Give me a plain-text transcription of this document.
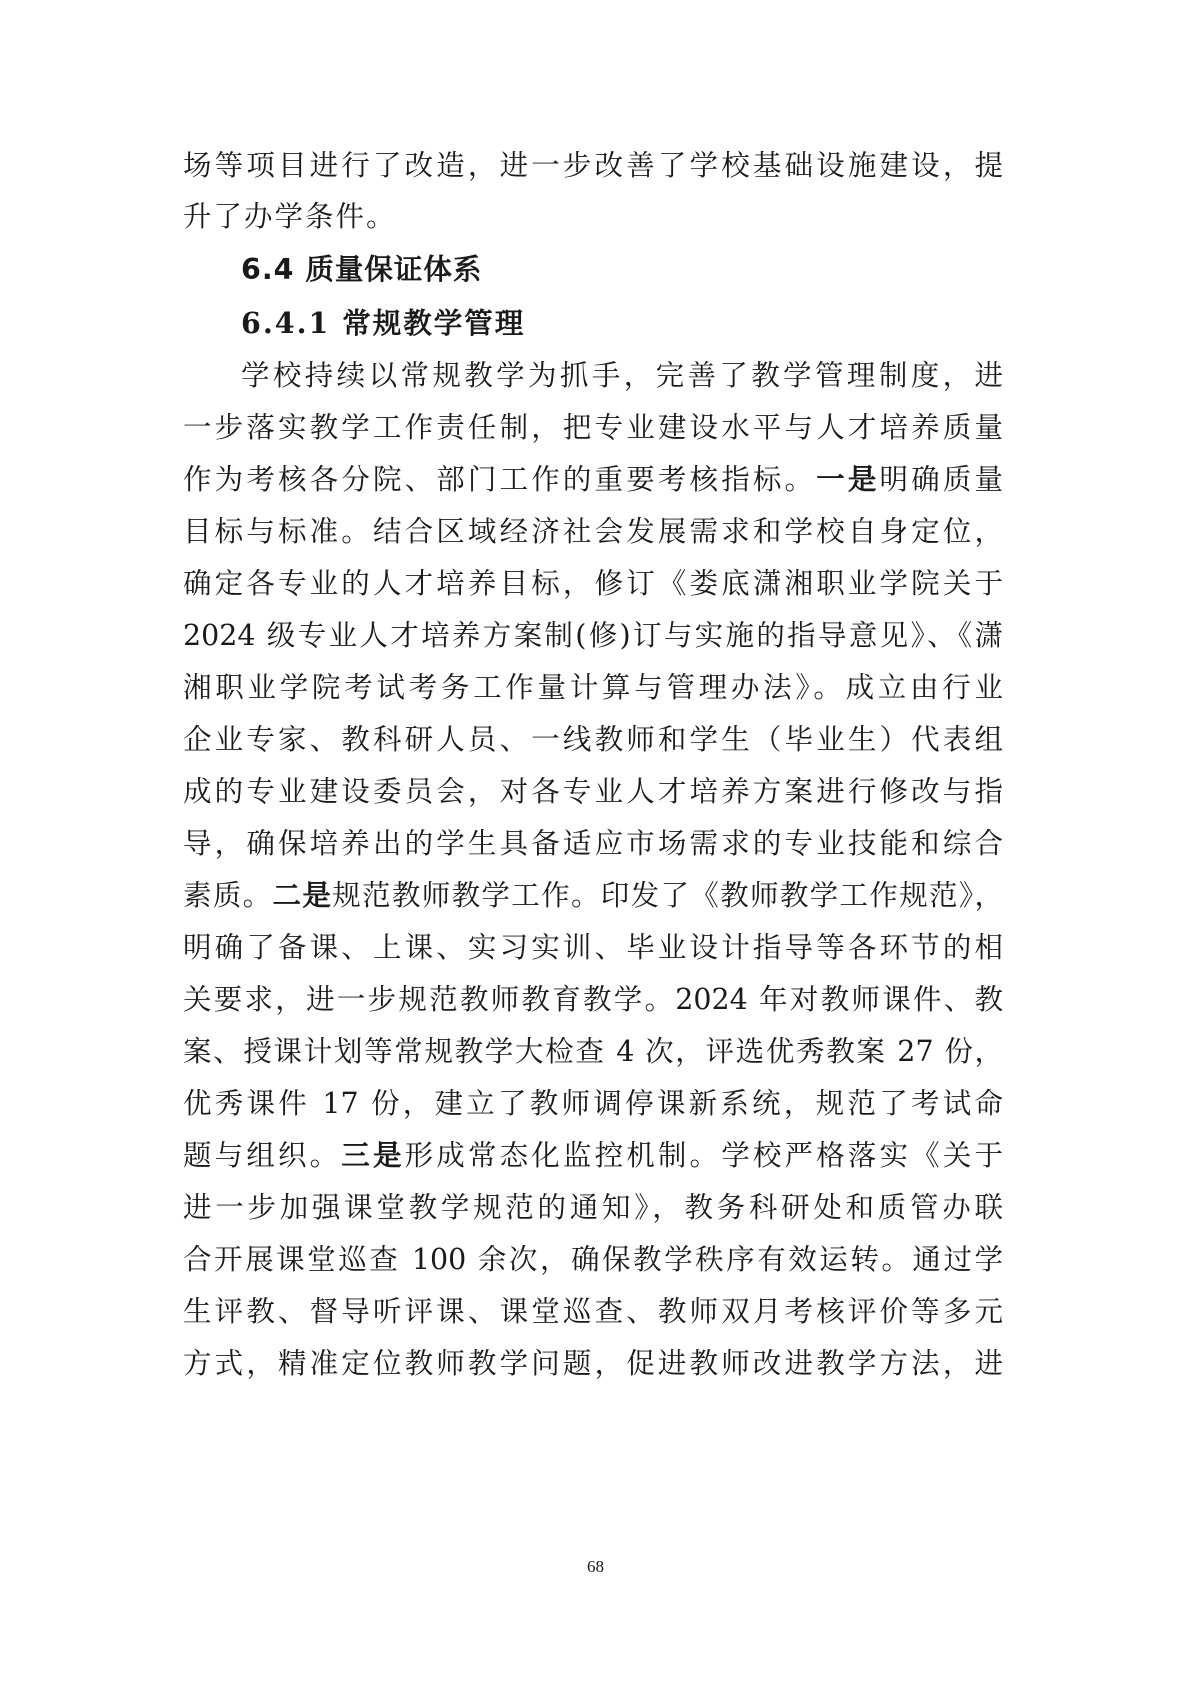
场等项目进行了改造，进一步改善了学校基础设施建设，提
升了办学条件。
6.4 质量保证体系
6.4.1 常规教学管理
学校持续以常规教学为抓手，完善了教学管理制度，进
一步落实教学工作责任制，把专业建设水平与人才培养质量
作为考核各分院、部门工作的重要考核指标。一是明确质量
目标与标准。结合区域经济社会发展需求和学校自身定位，
确定各专业的人才培养目标，修订《娄底潇湘职业学院关于
2024 级专业人才培养方案制(修)订与实施的指导意见》、《潇
湘职业学院考试考务工作量计算与管理办法》。成立由行业
企业专家、教科研人员、一线教师和学生（毕业生）代表组
成的专业建设委员会，对各专业人才培养方案进行修改与指
导，确保培养出的学生具备适应市场需求的专业技能和综合
素质。二是规范教师教学工作。印发了《教师教学工作规范》，
明确了备课、上课、实习实训、毕业设计指导等各环节的相
关要求，进一步规范教师教育教学。2024 年对教师课件、教
案、授课计划等常规教学大检查 4 次，评选优秀教案 27 份，
优秀课件 17 份，建立了教师调停课新系统，规范了考试命
题与组织。三是形成常态化监控机制。学校严格落实《关于
进一步加强课堂教学规范的通知》，教务科研处和质管办联
合开展课堂巡查 100 余次，确保教学秩序有效运转。通过学
生评教、督导听评课、课堂巡查、教师双月考核评价等多元
方式，精准定位教师教学问题，促进教师改进教学方法，进
68
